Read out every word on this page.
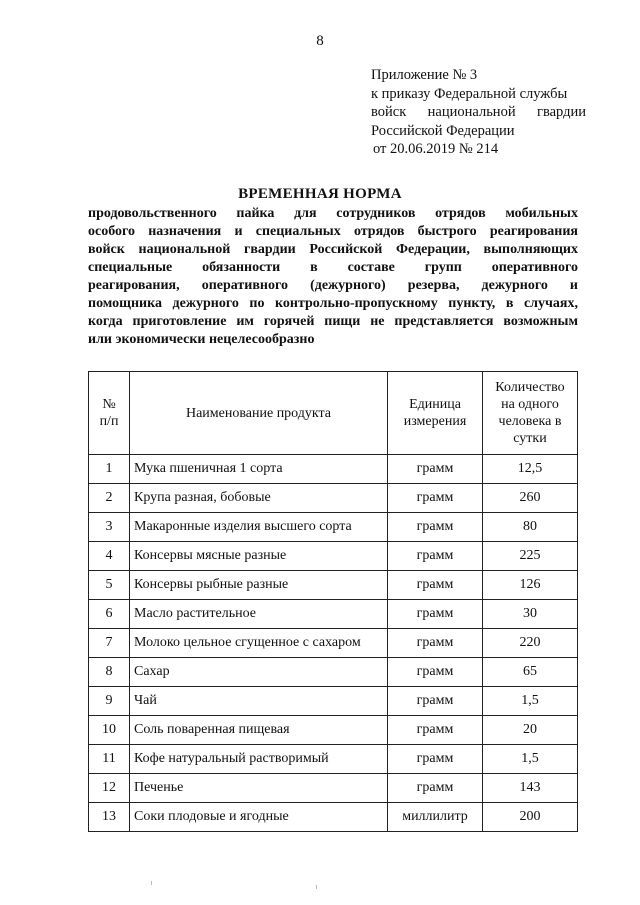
8
Приложение № 3
к приказу Федеральной службы
войск национальной гвардии
Российской Федерации
от 20.06.2019 № 214
ВРЕМЕННАЯ НОРМА
продовольственного пайка для сотрудников отрядов мобильных
особого назначения и специальных отрядов быстрого реагирования
войск национальной гвардии Российской Федерации, выполняющих
специальные обязанности в составе групп оперативного
реагирования, оперативного (дежурного) резерва, дежурного и
помощника дежурного по контрольно-пропускному пункту, в случаях,
когда приготовление им горячей пищи не представляется возможным
или экономически нецелесообразно
№ п/п	Наименование продукта	Единица измерения	Количество на одного человека в сутки
1	Мука пшеничная 1 сорта	грамм	12,5
2	Крупа разная, бобовые	грамм	260
3	Макаронные изделия высшего сорта	грамм	80
4	Консервы мясные разные	грамм	225
5	Консервы рыбные разные	грамм	126
6	Масло растительное	грамм	30
7	Молоко цельное сгущенное с сахаром	грамм	220
8	Сахар	грамм	65
9	Чай	грамм	1,5
10	Соль поваренная пищевая	грамм	20
11	Кофе натуральный растворимый	грамм	1,5
12	Печенье	грамм	143
13	Соки плодовые и ягодные	миллилитр	200
